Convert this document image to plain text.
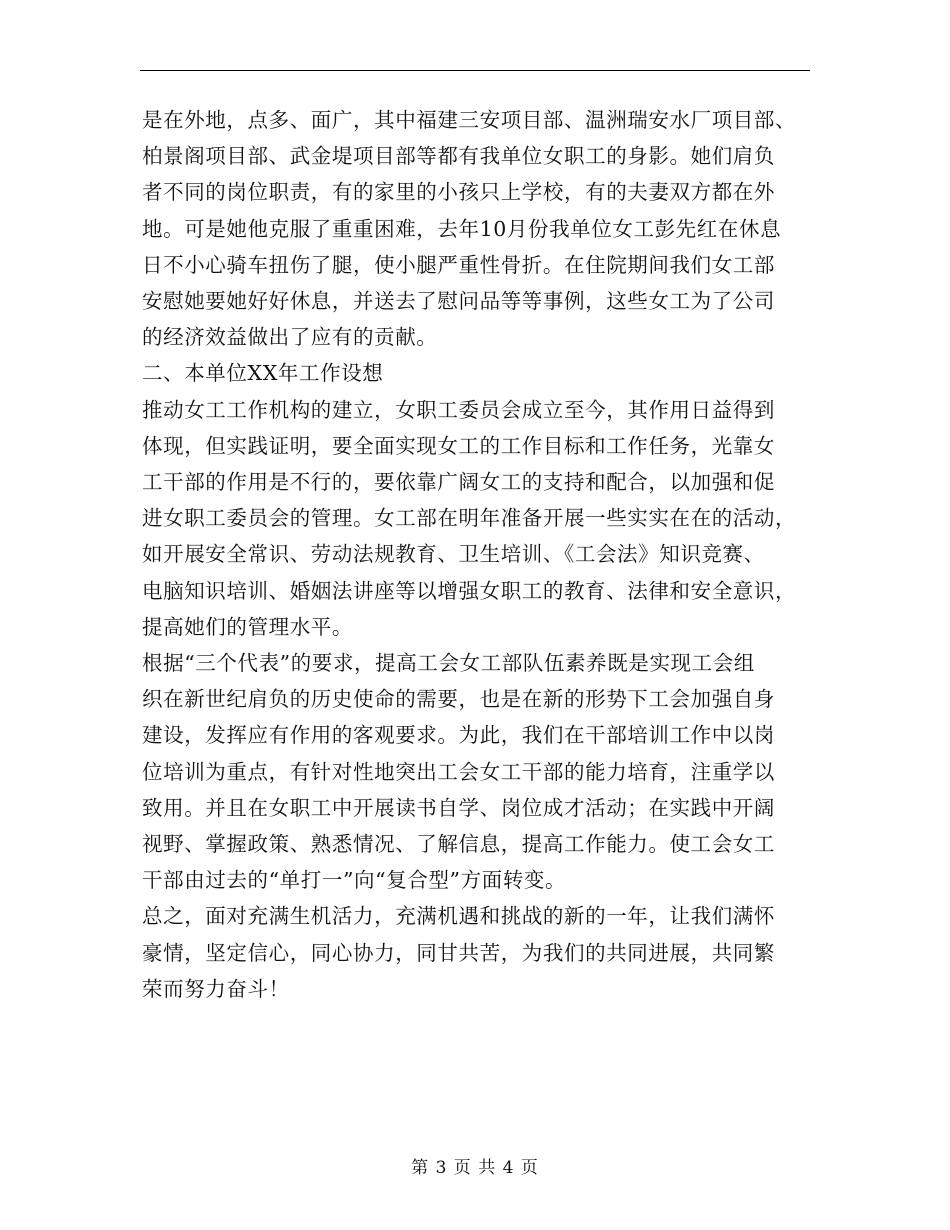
是在外地，点多、面广，其中福建三安项目部、温洲瑞安水厂项目部、
柏景阁项目部、武金堤项目部等都有我单位女职工的身影。她们肩负
者不同的岗位职责，有的家里的小孩只上学校，有的夫妻双方都在外
地。可是她他克服了重重困难，去年10月份我单位女工彭先红在休息
日不小心骑车扭伤了腿，使小腿严重性骨折。在住院期间我们女工部
安慰她要她好好休息，并送去了慰问品等等事例，这些女工为了公司
的经济效益做出了应有的贡献。
二、本单位XX年工作设想
推动女工工作机构的建立，女职工委员会成立至今，其作用日益得到
体现，但实践证明，要全面实现女工的工作目标和工作任务，光靠女
工干部的作用是不行的，要依靠广阔女工的支持和配合，以加强和促
进女职工委员会的管理。女工部在明年准备开展一些实实在在的活动，
如开展安全常识、劳动法规教育、卫生培训、《工会法》知识竞赛、
电脑知识培训、婚姻法讲座等以增强女职工的教育、法律和安全意识，
提高她们的管理水平。
根据“三个代表”的要求，提高工会女工部队伍素养既是实现工会组
织在新世纪肩负的历史使命的需要，也是在新的形势下工会加强自身
建设，发挥应有作用的客观要求。为此，我们在干部培训工作中以岗
位培训为重点，有针对性地突出工会女工干部的能力培育，注重学以
致用。并且在女职工中开展读书自学、岗位成才活动；在实践中开阔
视野、掌握政策、熟悉情况、了解信息，提高工作能力。使工会女工
干部由过去的“单打一”向“复合型”方面转变。
总之，面对充满生机活力，充满机遇和挑战的新的一年，让我们满怀
豪情，坚定信心，同心协力，同甘共苦，为我们的共同进展，共同繁
荣而努力奋斗！
第 3 页 共 4 页
